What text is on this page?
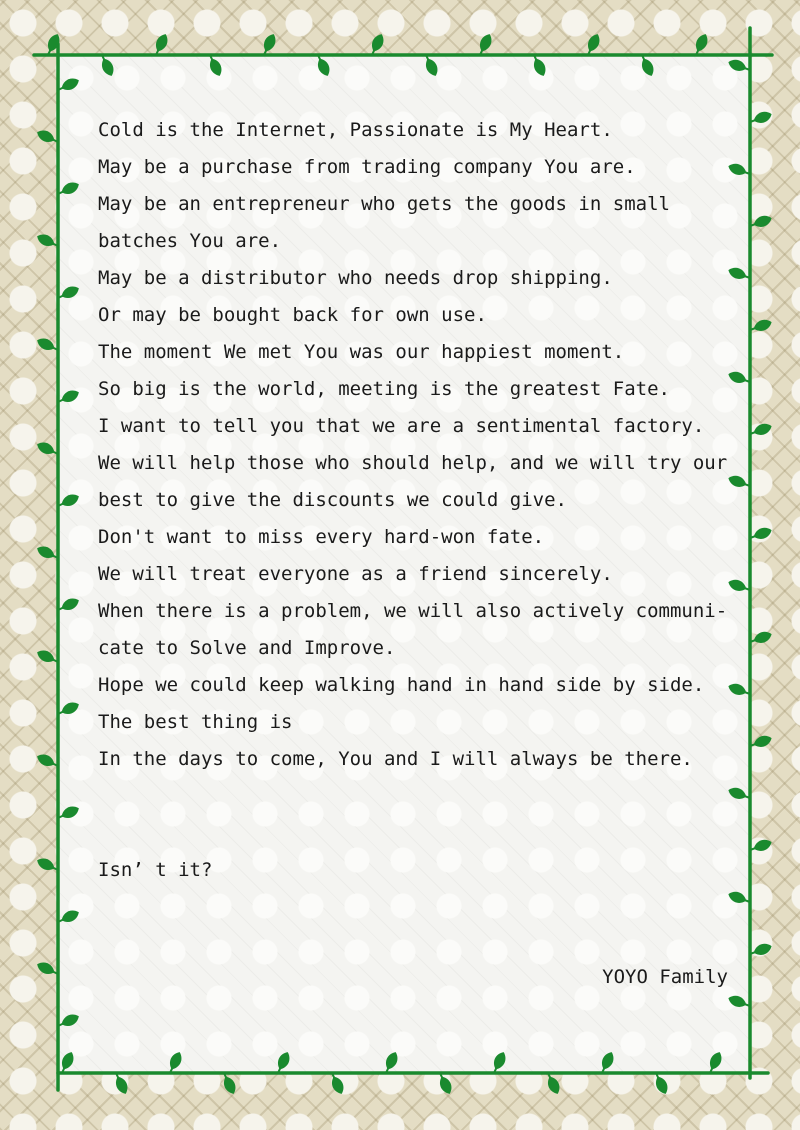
Cold is the Internet, Passionate is My Heart.
May be a purchase from trading company You are.
May be an entrepreneur who gets the goods in small
batches You are.
May be a distributor who needs drop shipping.
Or may be bought back for own use.
The moment We met You was our happiest moment.
So big is the world, meeting is the greatest Fate.
I want to tell you that we are a sentimental factory.
We will help those who should help, and we will try our
best to give the discounts we could give.
Don't want to miss every hard-won fate.
We will treat everyone as a friend sincerely.
When there is a problem, we will also actively communi-
cate to Solve and Improve.
Hope we could keep walking hand in hand side by side.
The best thing is
In the days to come, You and I will always be there.
Isn’ t it?
YOYO Family
